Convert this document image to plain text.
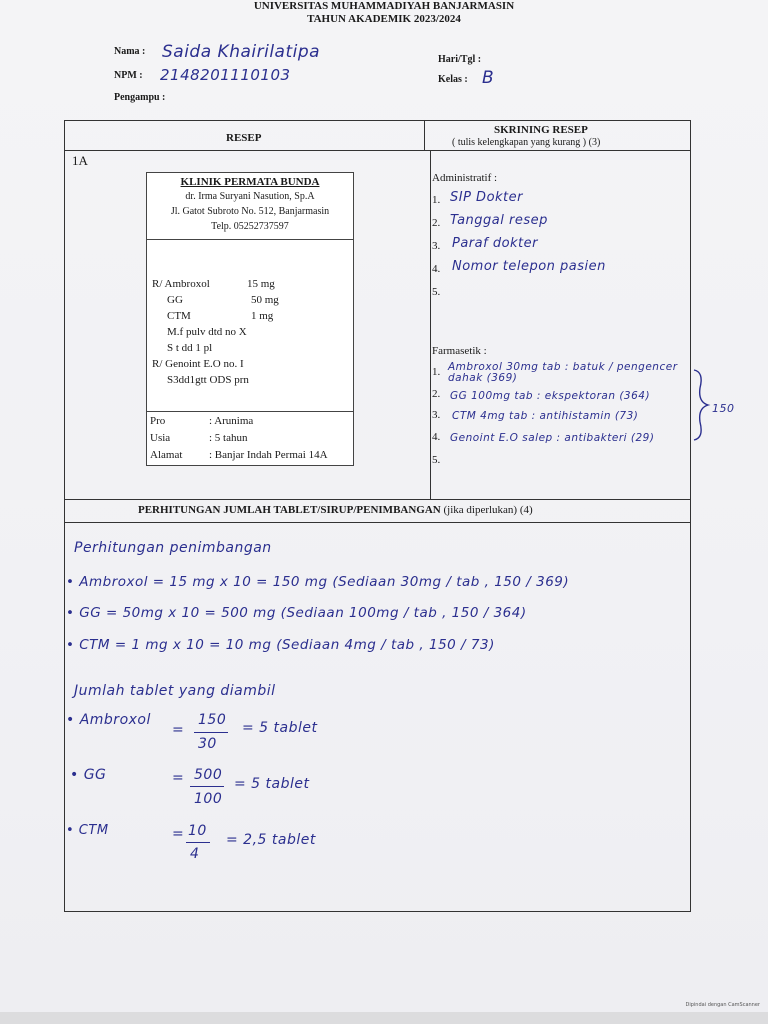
UNIVERSITAS MUHAMMADIYAH BANJARMASIN
TAHUN AKADEMIK 2023/2024
Nama : Saida Khairilatipa
NPM : 2148201110103
Pengampu :
Hari/Tgl :
Kelas : B
RESEP
SKRINING RESEP
( tulis kelengkapan yang kurang ) (3)
1A
KLINIK PERMATA BUNDA
dr. Irma Suryani Nasution, Sp.A
Jl. Gatot Subroto No. 512, Banjarmasin
Telp. 05252737597
R/ Ambroxol	15 mg
GG	50 mg
CTM	1 mg
M.f pulv dtd no X
S t dd 1 pl
R/ Genoint E.O no. I
S3dd1gtt ODS prn
Pro	: Arunima
Usia	: 5 tahun
Alamat : Banjar Indah Permai 14A
Administratif :
1. SIP Dokter
2. Tanggal resep
3. Paraf dokter
4. Nomor telepon pasien
5.
Farmasetik :
1. Ambroxol 30mg tab : batuk / pengencer dahak (369)
2. GG 100mg tab : ekspektoran (364)
3. CTM 4mg tab : antihistamin (73)
4. Genoint E.O salep : antibakteri (29)
5.
150
PERHITUNGAN JUMLAH TABLET/SIRUP/PENIMBANGAN (jika diperlukan) (4)
Perhitungan penimbangan
• Ambroxol = 15 mg x 10 = 150 mg (Sediaan 30mg / tab , 150 / 369)
• GG = 50mg x 10 = 500 mg (Sediaan 100mg / tab , 150 / 364)
• CTM = 1 mg x 10 = 10 mg (Sediaan 4mg / tab , 150 / 73)
Jumlah tablet yang diambil
• Ambroxol
=
150
30
= 5 tablet
• GG	= 500
100
= 5 tablet
• CTM	= 10
4
= 2,5 tablet
Dipindai dengan CamScanner
